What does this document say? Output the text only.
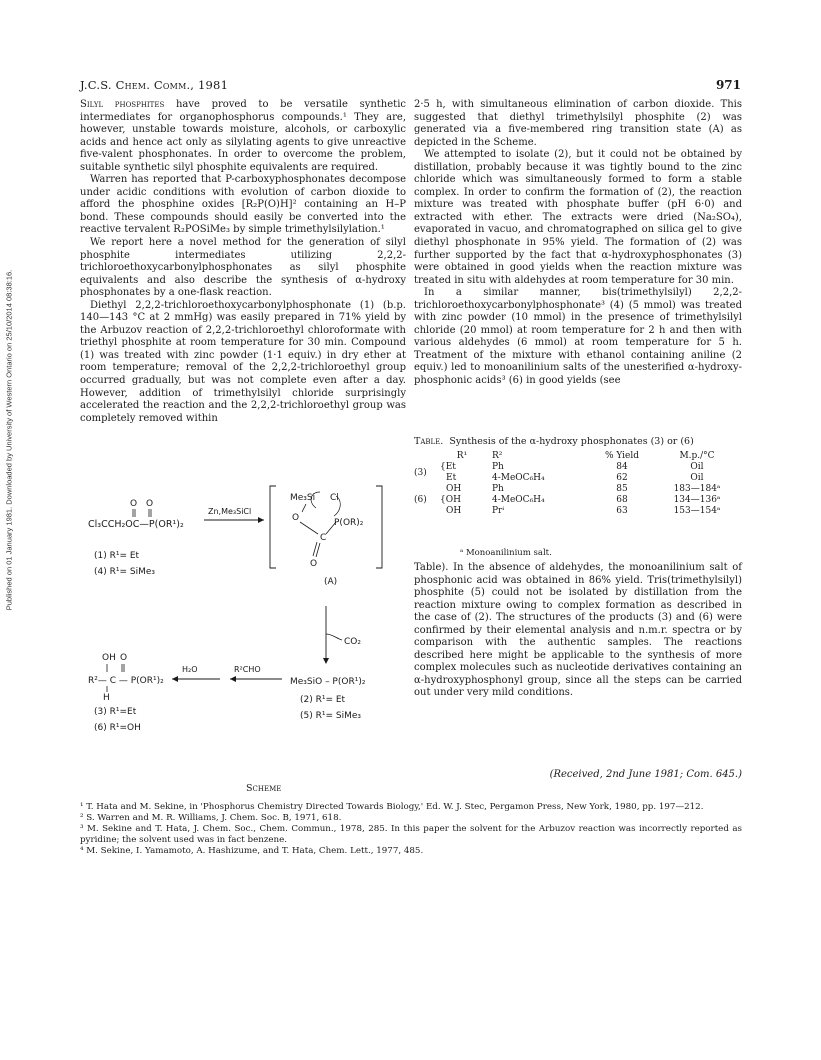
Published on 01 January 1981. Downloaded by University of Western Ontario on 25/10/2014 08:38:16.
J.C.S. Chem. Comm., 1981	971

Silyl phosphites have proved to be versatile synthetic intermediates for organophosphorus compounds.¹ They are, however, unstable towards moisture, alcohols, or carboxylic acids and hence act only as silylating agents to give unreactive five-valent phosphonates. In order to overcome the problem, suitable synthetic silyl phosphite equivalents are required.

Warren has reported that P-carboxyphosphonates decompose under acidic conditions with evolution of carbon dioxide to afford the phosphine oxides [R₂P(O)H]² containing an H–P bond. These compounds should easily be converted into the reactive tervalent R₂POSiMe₃ by simple trimethylsilylation.¹

We report here a novel method for the generation of silyl phosphite intermediates utilizing 2,2,2-trichloroethoxycarbonylphosphonates as silyl phosphite equivalents and also describe the synthesis of α-hydroxy phosphonates by a one-flask reaction.

Diethyl 2,2,2-trichloroethoxycarbonylphosphonate (1) (b.p. 140—143 °C at 2 mmHg) was easily prepared in 71% yield by the Arbuzov reaction of 2,2,2-trichloroethyl chloroformate with triethyl phosphite at room temperature for 30 min. Compound (1) was treated with zinc powder (1·1 equiv.) in dry ether at room temperature; removal of the 2,2,2-trichloroethyl group occurred gradually, but was not complete even after a day. However, addition of trimethylsilyl chloride surprisingly accelerated the reaction and the 2,2,2-trichloroethyl group was completely removed within

2·5 h, with simultaneous elimination of carbon dioxide. This suggested that diethyl trimethylsilyl phosphite (2) was generated via a five-membered ring transition state (A) as depicted in the Scheme.

We attempted to isolate (2), but it could not be obtained by distillation, probably because it was tightly bound to the zinc chloride which was simultaneously formed to form a stable complex. In order to confirm the formation of (2), the reaction mixture was treated with phosphate buffer (pH 6·0) and extracted with ether. The extracts were dried (Na₂SO₄), evaporated in vacuo, and chromatographed on silica gel to give diethyl phosphonate in 95% yield. The formation of (2) was further supported by the fact that α-hydroxyphosphonates (3) were obtained in good yields when the reaction mixture was treated in situ with aldehydes at room temperature for 30 min.

In a similar manner, bis(trimethylsilyl) 2,2,2-trichloroethoxycarbonylphosphonate³ (4) (5 mmol) was treated with zinc powder (10 mmol) in the presence of trimethylsilyl chloride (20 mmol) at room temperature for 2 h and then with various aldehydes (6 mmol) at room temperature for 5 h. Treatment of the mixture with ethanol containing aniline (2 equiv.) led to monoanilinium salts of the unesterified α-hydroxy-phosphonic acids³ (6) in good yields (see

Table. Synthesis of the α-hydroxy phosphonates (3) or (6)
	R¹	R²	% Yield	M.p./°C
(3)	{Et	Ph	84	Oil
	Et	4-MeOC₆H₄	62	Oil
(6)	OH	Ph	85	183—184ᵃ
	{OH	4-MeOC₆H₄	68	134—136ᵃ
	OH	Prⁱ	63	153—154ᵃ
ᵃ Monoanilinium salt.

Table). In the absence of aldehydes, the monoanilinium salt of phosphonic acid was obtained in 86% yield. Tris(trimethylsilyl) phosphite (5) could not be isolated by distillation from the reaction mixture owing to complex formation as described in the case of (2). The structures of the products (3) and (6) were confirmed by their elemental analysis and n.m.r. spectra or by comparison with the authentic samples. The reactions described here might be applicable to the synthesis of more complex molecules such as nucleotide derivatives containing an α-hydroxyphosphonyl group, since all the steps can be carried out under very mild conditions.

(Received, 2nd June 1981; Com. 645.)
O O
Cl₃CCH₂OC—P(OR¹)₂
Zn,Me₃SiCl
(1) R¹= Et
(4) R¹= SiMe₃
Me₃Si Cl
O	P(OR)₂
C
O
(A)
CO₂
Me₃SiO – P(OR¹)₂
(2) R¹= Et
(5) R¹= SiMe₃
R²CHO
H₂O
OH O
R²— C — P(OR¹)₂
H
(3) R¹=Et
(6) R¹=OH
Scheme

¹ T. Hata and M. Sekine, in 'Phosphorus Chemistry Directed Towards Biology,' Ed. W. J. Stec, Pergamon Press, New York, 1980, pp. 197—212.

² S. Warren and M. R. Williams, J. Chem. Soc. B, 1971, 618.

³ M. Sekine and T. Hata, J. Chem. Soc., Chem. Commun., 1978, 285. In this paper the solvent for the Arbuzov reaction was incorrectly reported as pyridine; the solvent used was in fact benzene.

⁴ M. Sekine, I. Yamamoto, A. Hashizume, and T. Hata, Chem. Lett., 1977, 485.
